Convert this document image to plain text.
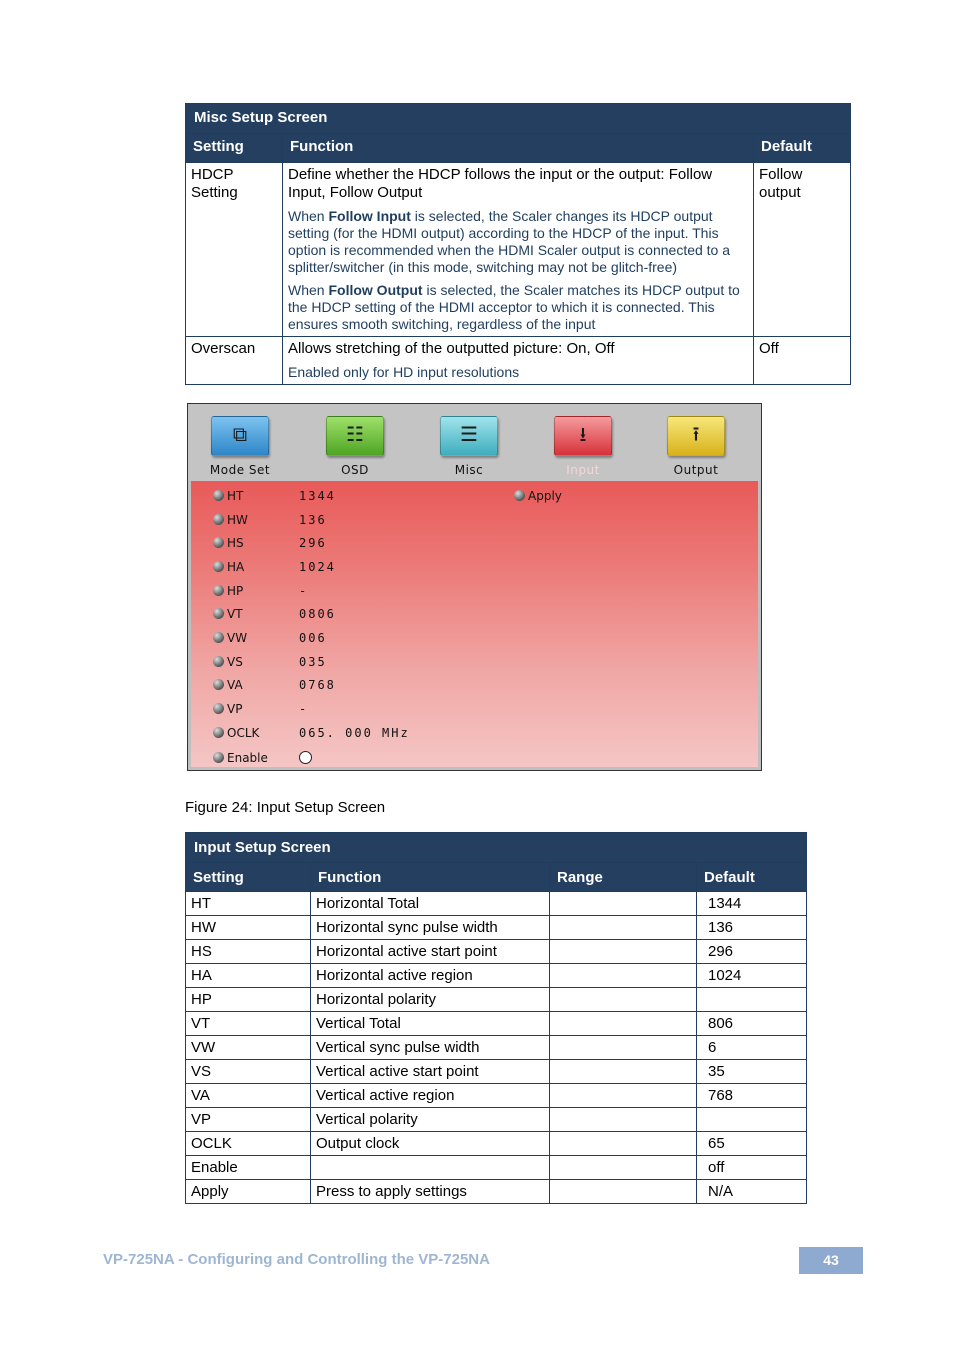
Misc Setup Screen		
Setting	Function	Default
HDCP Setting	Define whether the HDCP follows the input or the output: Follow Input, Follow Output
When Follow Input is selected, the Scaler changes its HDCP output setting (for the HDMI output) according to the HDCP of the input. This option is recommended when the HDMI Scaler output is connected to a splitter/switcher (in this mode, switching may not be glitch-free)
When Follow Output is selected, the Scaler matches its HDCP output to the HDCP setting of the HDMI acceptor to which it is connected. This ensures smooth switching, regardless of the input	Follow output
Overscan	Allows stretching of the outputted picture: On, Off
Enabled only for HD input resolutions	Off
⧉
Mode Set
☷
OSD
☰
Misc
⭳
Input
⭱
Output
Apply
HT	1344
HW	136
HS	296
HA	1024
HP	-
VT	0806
VW	006
VS	035
VA	0768
VP	-
OCLK	065. 000 MHz
Enable
Figure 24: Input Setup Screen
Input Setup Screen			
Setting	Function	Range	Default
HT	Horizontal Total		1344
HW	Horizontal sync pulse width		136
HS	Horizontal active start point		296
HA	Horizontal active region		1024
HP	Horizontal polarity		
VT	Vertical Total		806
VW	Vertical sync pulse width		6
VS	Vertical active start point		35
VA	Vertical active region		768
VP	Vertical polarity		
OCLK	Output clock		65
Enable			off
Apply	Press to apply settings		N/A
VP-725NA - Configuring and Controlling the VP-725NA	43
